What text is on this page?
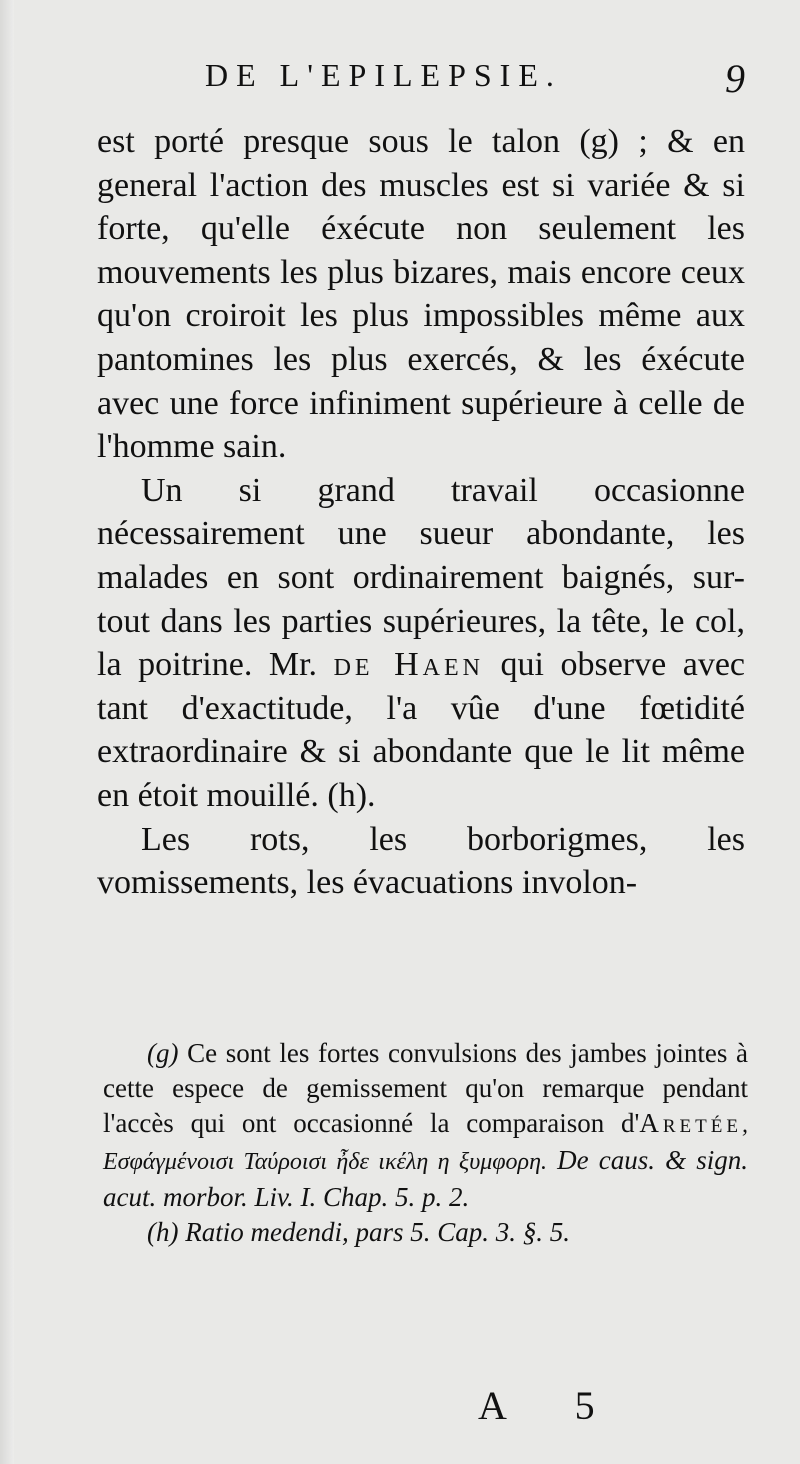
DE L'EPILEPSIE.	9

est porté presque sous le talon (g) ; & en general l'action des muscles est si variée & si forte, qu'elle éxécute non seulement les mouvements les plus bizares, mais encore ceux qu'on croiroit les plus impossibles même aux pantomines les plus exercés, & les éxécute avec une force infiniment supérieure à celle de l'homme sain.

Un si grand travail occasionne nécessairement une sueur abondante, les malades en sont ordinairement baignés, sur-tout dans les parties supérieures, la tête, le col, la poitrine. Mr. de Haen qui observe avec tant d'exactitude, l'a vûe d'une fœtidité extraordinaire & si abondante que le lit même en étoit mouillé. (h).

Les rots, les borborigmes, les vomissements, les évacuations involon-

(g) Ce sont les fortes convulsions des jambes jointes à cette espece de gemissement qu'on remarque pendant l'accès qui ont occasionné la comparaison d'Aretée, Εσφάγμένοισι Ταύροισι ἦδε ικέλη η ξυμφορη. De caus. & sign. acut. morbor. Liv. I. Chap. 5. p. 2.

(h) Ratio medendi, pars 5. Cap. 3. §. 5.

A 5
